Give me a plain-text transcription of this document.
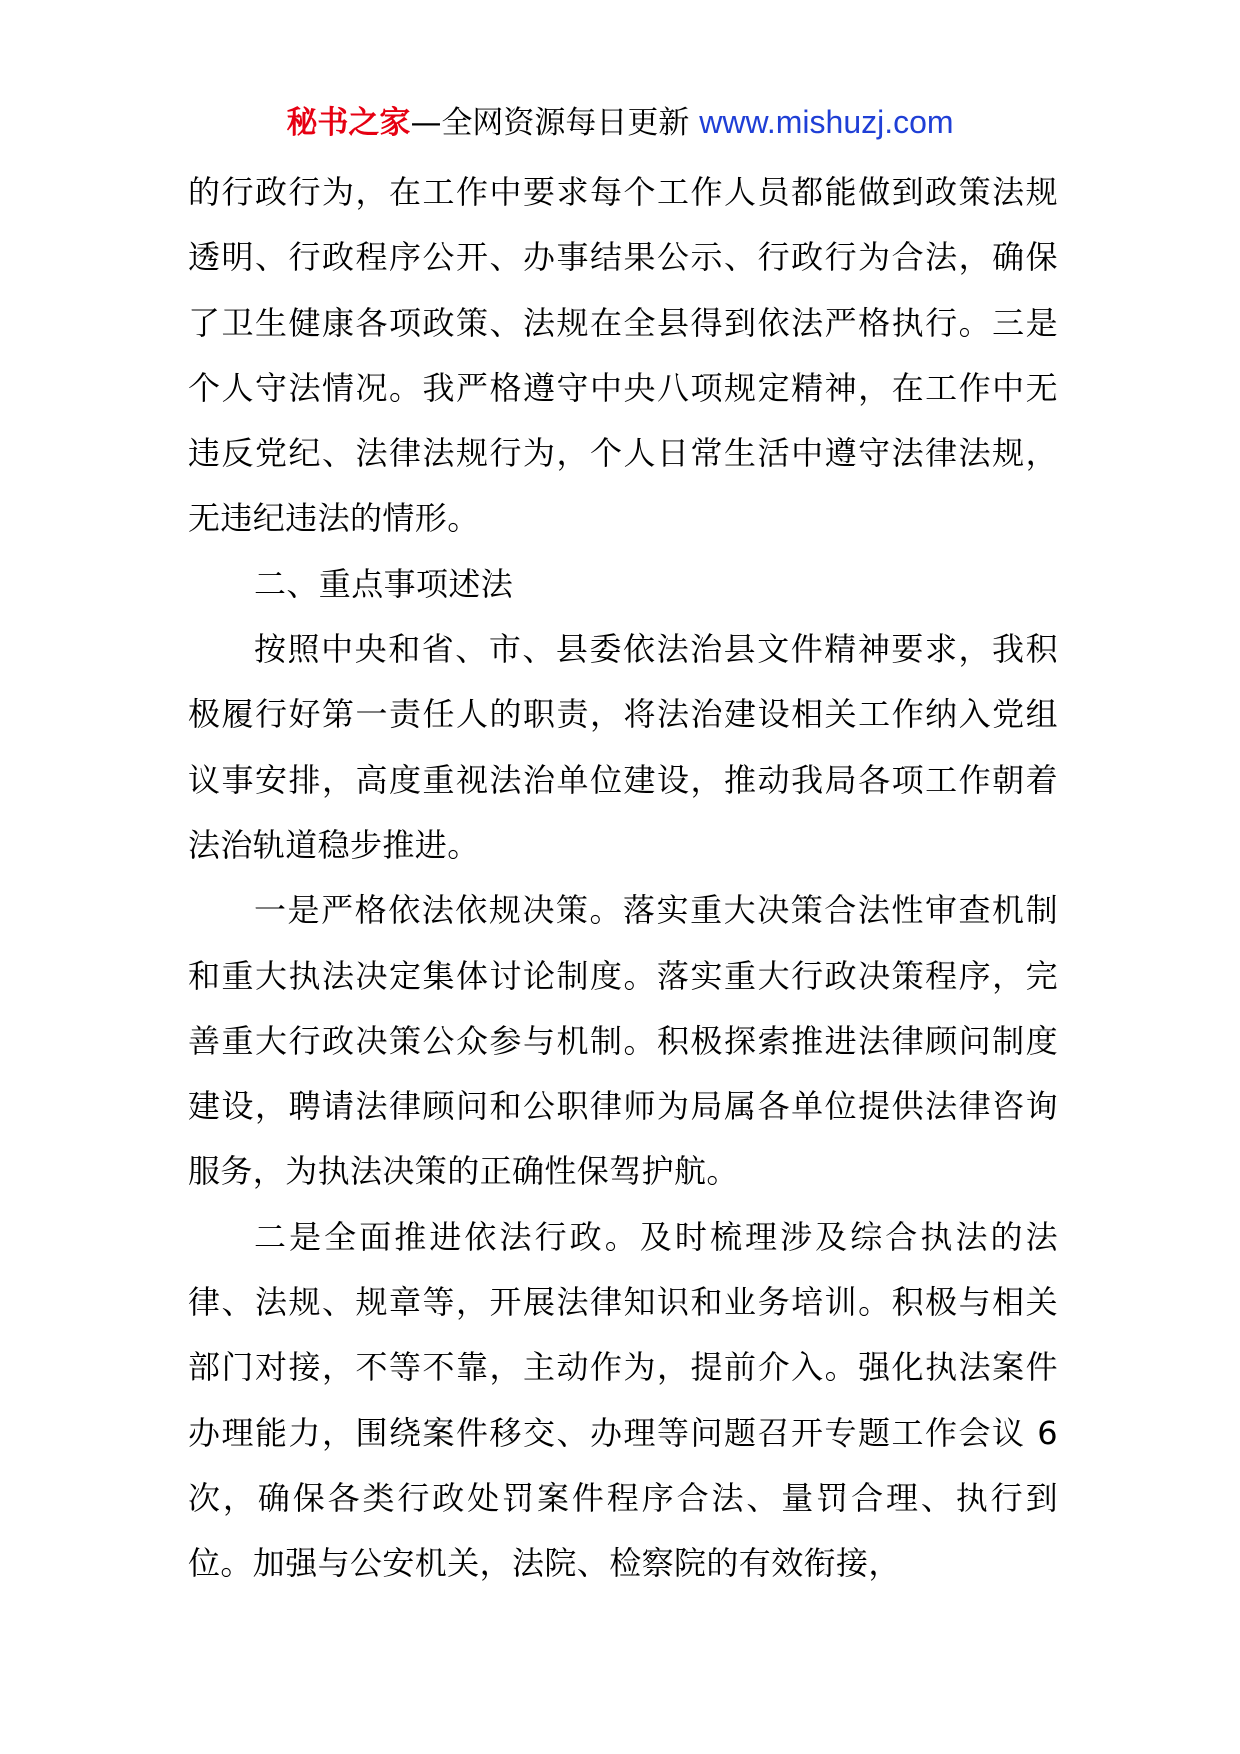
秘书之家—全网资源每日更新 www.mishuzj.com

的行政行为，在工作中要求每个工作人员都能做到政策法规透明、行政程序公开、办事结果公示、行政行为合法，确保了卫生健康各项政策、法规在全县得到依法严格执行。三是个人守法情况。我严格遵守中央八项规定精神，在工作中无违反党纪、法律法规行为，个人日常生活中遵守法律法规，无违纪违法的情形。

二、重点事项述法

按照中央和省、市、县委依法治县文件精神要求，我积极履行好第一责任人的职责，将法治建设相关工作纳入党组议事安排，高度重视法治单位建设，推动我局各项工作朝着法治轨道稳步推进。

一是严格依法依规决策。落实重大决策合法性审查机制和重大执法决定集体讨论制度。落实重大行政决策程序，完善重大行政决策公众参与机制。积极探索推进法律顾问制度建设，聘请法律顾问和公职律师为局属各单位提供法律咨询服务，为执法决策的正确性保驾护航。

二是全面推进依法行政。及时梳理涉及综合执法的法律、法规、规章等，开展法律知识和业务培训。积极与相关部门对接，不等不靠，主动作为，提前介入。强化执法案件办理能力，围绕案件移交、办理等问题召开专题工作会议 6 次，确保各类行政处罚案件程序合法、量罚合理、执行到位。加强与公安机关，法院、检察院的有效衔接，
